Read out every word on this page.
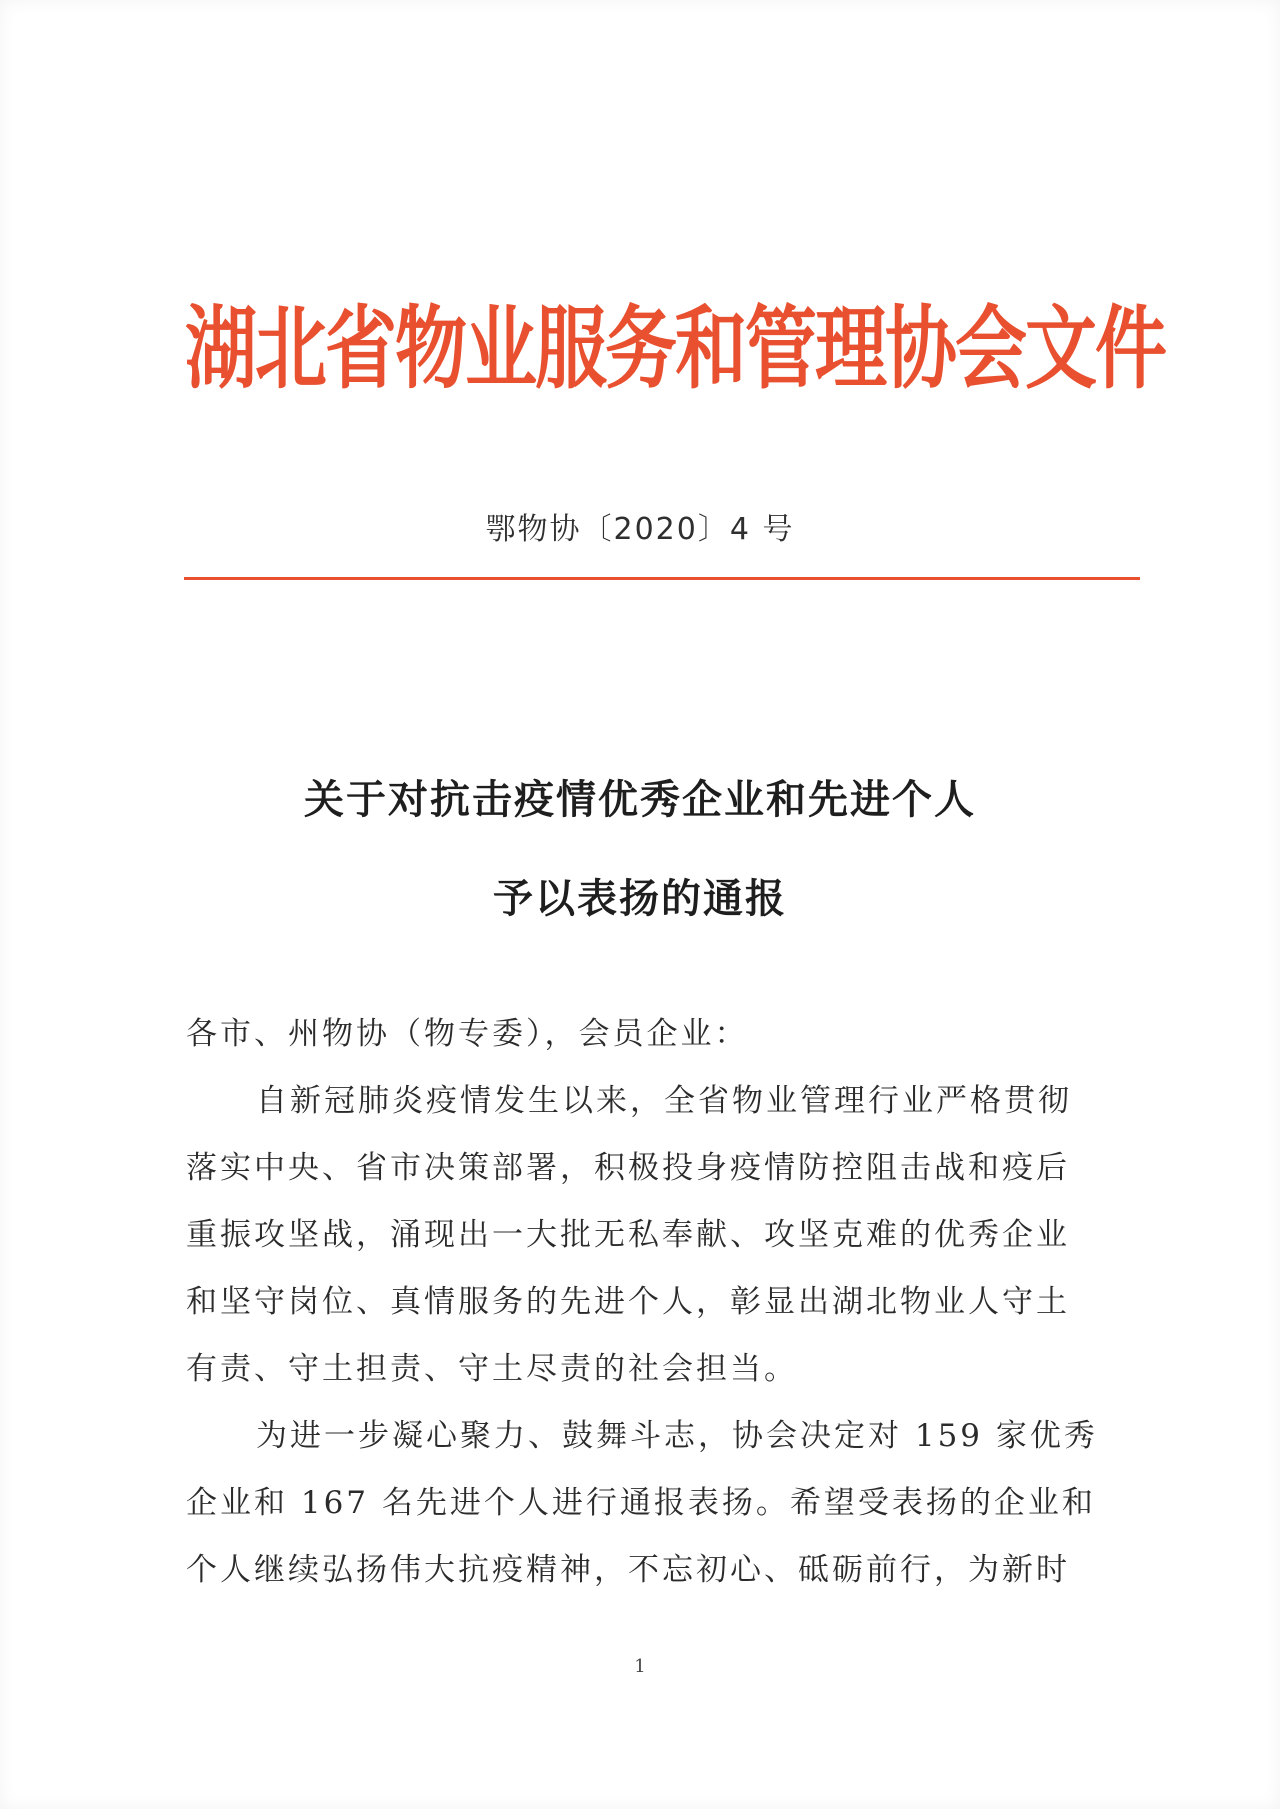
湖北省物业服务和管理协会文件
鄂物协〔2020〕4 号
关于对抗击疫情优秀企业和先进个人
予以表扬的通报
各市、州物协（物专委），会员企业：
自新冠肺炎疫情发生以来，全省物业管理行业严格贯彻
落实中央、省市决策部署，积极投身疫情防控阻击战和疫后
重振攻坚战，涌现出一大批无私奉献、攻坚克难的优秀企业
和坚守岗位、真情服务的先进个人，彰显出湖北物业人守土
有责、守土担责、守土尽责的社会担当。
为进一步凝心聚力、鼓舞斗志，协会决定对 159 家优秀
企业和 167 名先进个人进行通报表扬。希望受表扬的企业和
个人继续弘扬伟大抗疫精神，不忘初心、砥砺前行，为新时
1
